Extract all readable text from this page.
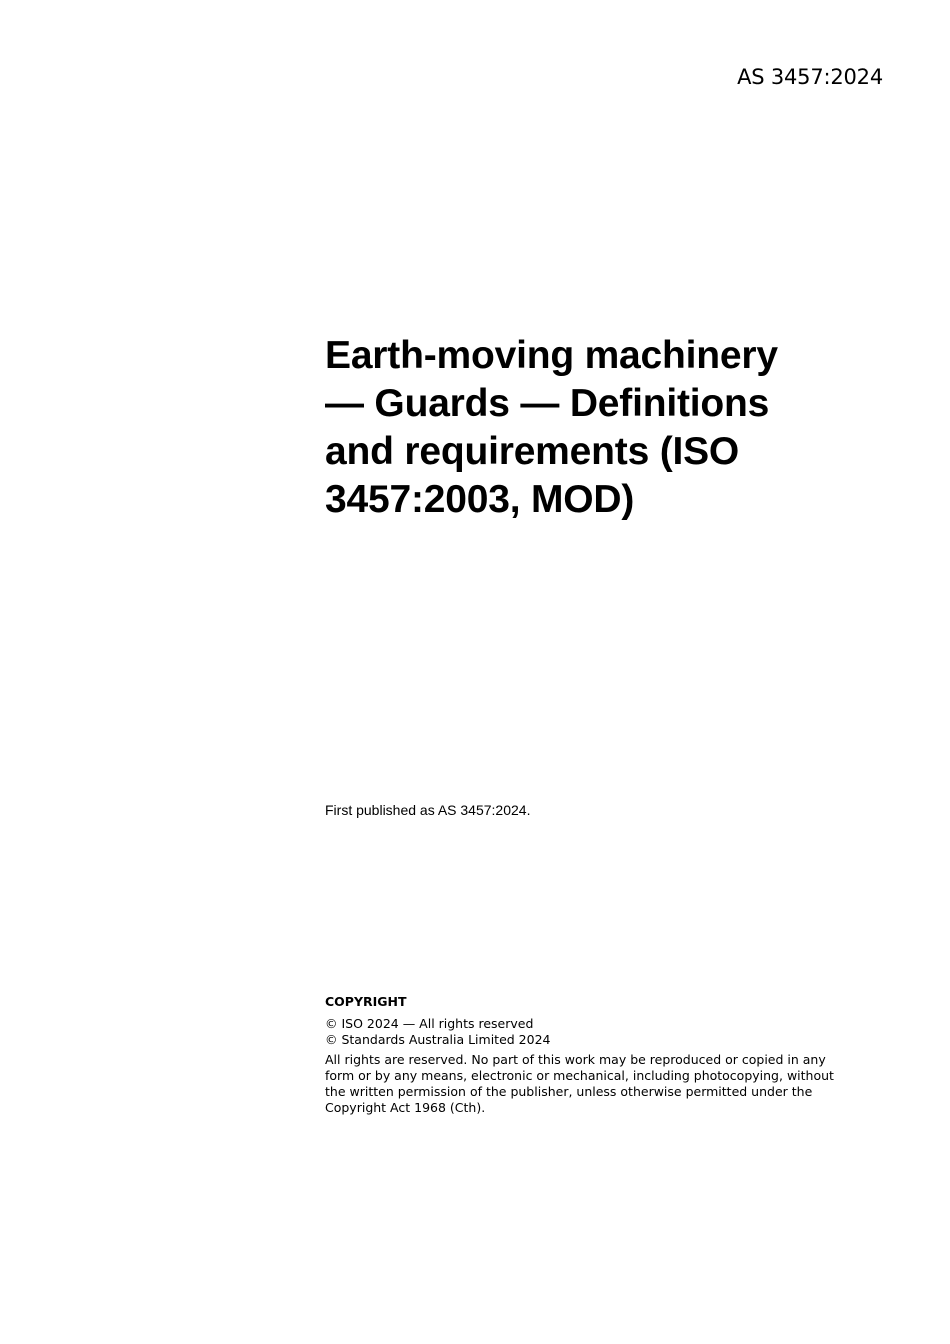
AS 3457:2024
Earth-moving machinery — Guards — Definitions and requirements (ISO 3457:2003, MOD)
First published as AS 3457:2024.

COPYRIGHT

© ISO 2024 — All rights reserved
© Standards Australia Limited 2024

All rights are reserved. No part of this work may be reproduced or copied in any form or by any means, electronic or mechanical, including photocopying, without the written permission of the publisher, unless otherwise permitted under the Copyright Act 1968 (Cth).
